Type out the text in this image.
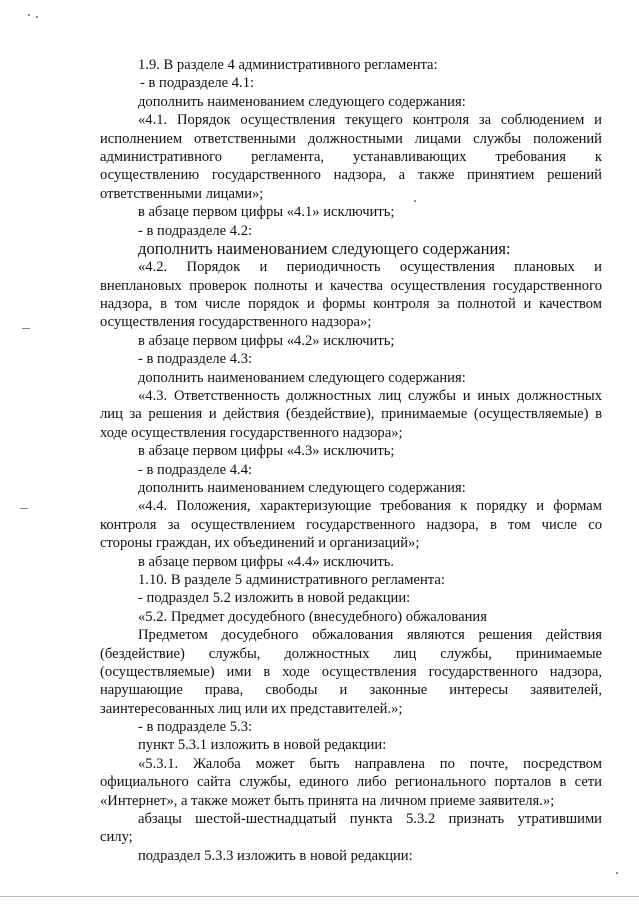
1.9. В разделе 4 административного регламента:
- в подразделе 4.1:
дополнить наименованием следующего содержания:
«4.1. Порядок осуществления текущего контроля за соблюдением и
исполнением ответственными должностными лицами службы положений
административного регламента, устанавливающих требования к
осуществлению государственного надзора, а также принятием решений
ответственными лицами»;
в абзаце первом цифры «4.1» исключить;
- в подразделе 4.2:
дополнить наименованием следующего содержания:
«4.2. Порядок и периодичность осуществления плановых и
внеплановых проверок полноты и качества осуществления государственного
надзора, в том числе порядок и формы контроля за полнотой и качеством
осуществления государственного надзора»;
в абзаце первом цифры «4.2» исключить;
- в подразделе 4.3:
дополнить наименованием следующего содержания:
«4.3. Ответственность должностных лиц службы и иных должностных
лиц за решения и действия (бездействие), принимаемые (осуществляемые) в
ходе осуществления государственного надзора»;
в абзаце первом цифры «4.3» исключить;
- в подразделе 4.4:
дополнить наименованием следующего содержания:
«4.4. Положения, характеризующие требования к порядку и формам
контроля за осуществлением государственного надзора, в том числе со
стороны граждан, их объединений и организаций»;
в абзаце первом цифры «4.4» исключить.
1.10. В разделе 5 административного регламента:
- подраздел 5.2 изложить в новой редакции:
«5.2. Предмет досудебного (внесудебного) обжалования
Предметом досудебного обжалования являются решения действия
(бездействие) службы, должностных лиц службы, принимаемые
(осуществляемые) ими в ходе осуществления государственного надзора,
нарушающие права, свободы и законные интересы заявителей,
заинтересованных лиц или их представителей.»;
- в подразделе 5.3:
пункт 5.3.1 изложить в новой редакции:
«5.3.1. Жалоба может быть направлена по почте, посредством
официального сайта службы, единого либо регионального порталов в сети
«Интернет», а также может быть принята на личном приеме заявителя.»;
абзацы шестой-шестнадцатый пункта 5.3.2 признать утратившими
силу;
подраздел 5.3.3 изложить в новой редакции:
